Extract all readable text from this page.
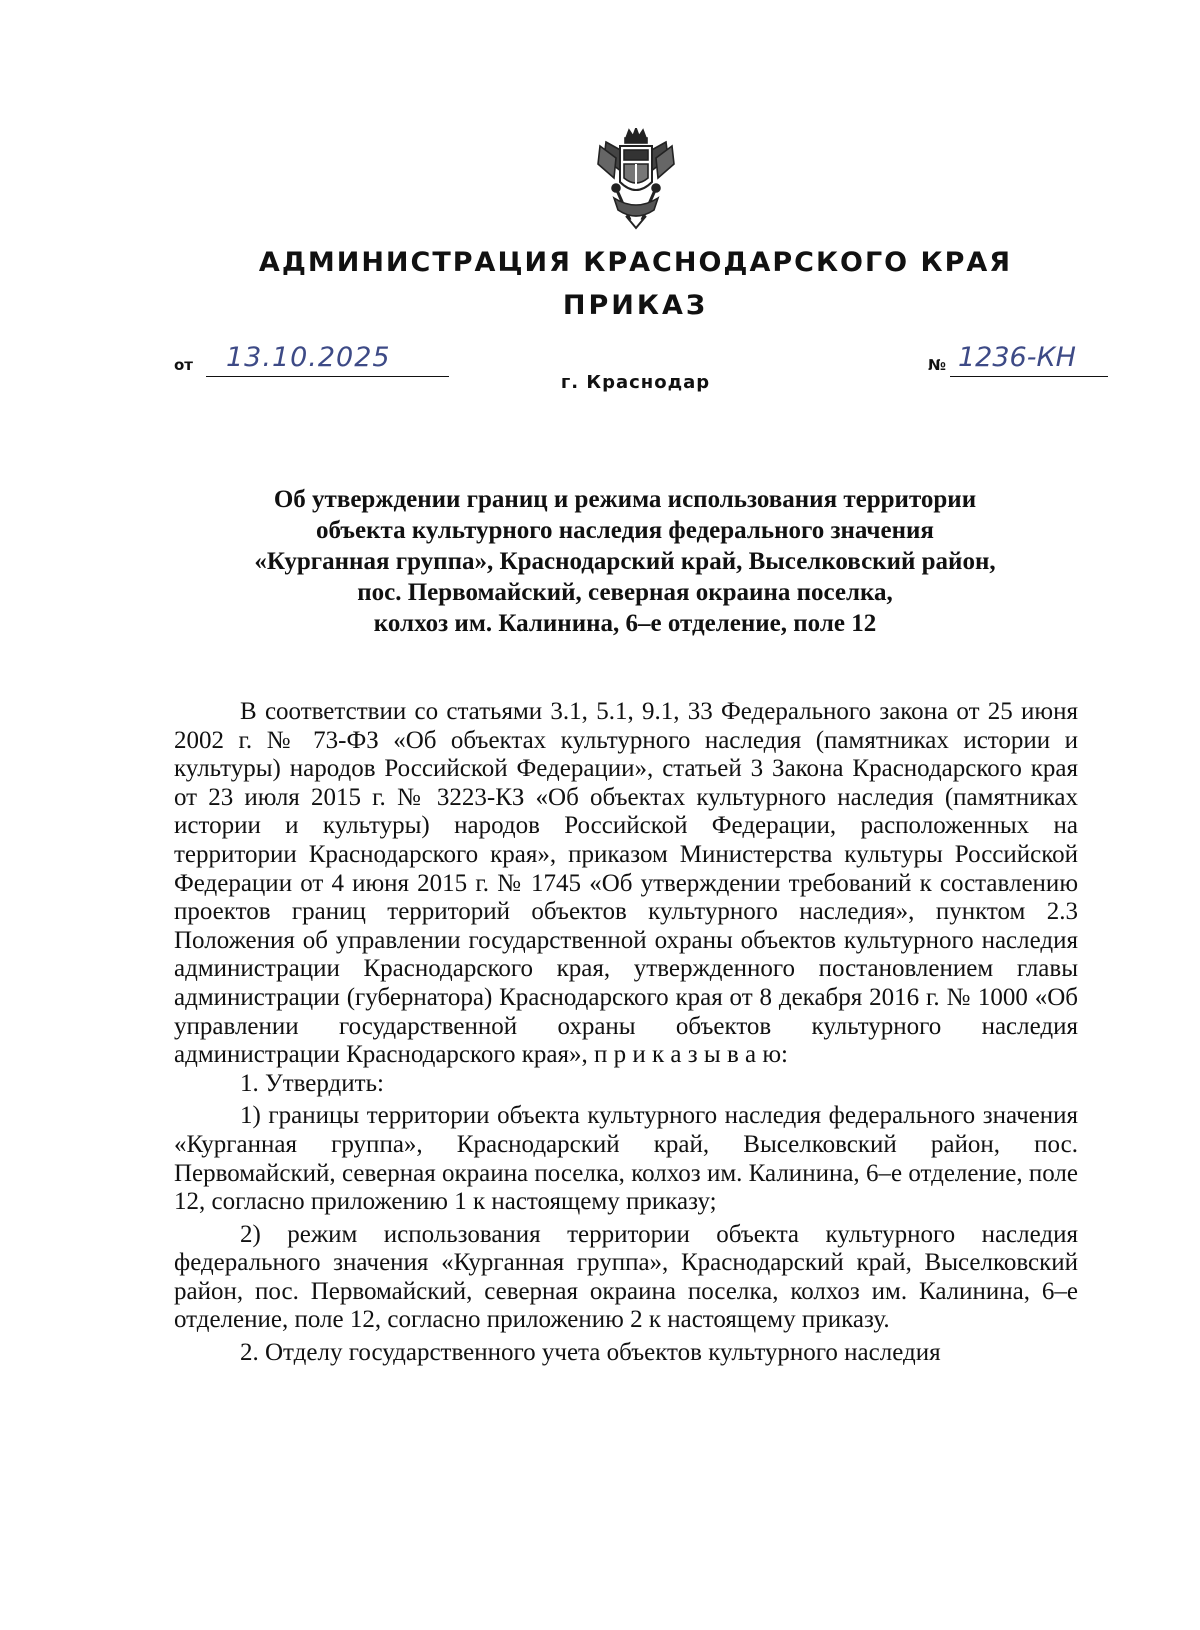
АДМИНИСТРАЦИЯ КРАСНОДАРСКОГО КРАЯ
ПРИКАЗ
от 13.10.2025	№ 1236-КН
г. Краснодар
Об утверждении границ и режима использования территории
объекта культурного наследия федерального значения
«Курганная группа», Краснодарский край, Выселковский район,
пос. Первомайский, северная окраина поселка,
колхоз им. Калинина, 6–е отделение, поле 12

В соответствии со статьями 3.1, 5.1, 9.1, 33 Федерального закона от 25 июня 2002 г. № 73-ФЗ «Об объектах культурного наследия (памятниках истории и культуры) народов Российской Федерации», статьей 3 Закона Краснодарского края от 23 июля 2015 г. № 3223-КЗ «Об объектах культурного наследия (памятниках истории и культуры) народов Российской Федерации, расположенных на территории Краснодарского края», приказом Министерства культуры Российской Федерации от 4 июня 2015 г. № 1745 «Об утверждении требований к составлению проектов границ территорий объектов культурного наследия», пунктом 2.3 Положения об управлении государственной охраны объектов культурного наследия администрации Краснодарского края, утвержденного постановлением главы администрации (губернатора) Краснодарского края от 8 декабря 2016 г. № 1000 «Об управлении государственной охраны объектов культурного наследия администрации Краснодарского края», п р и к а з ы в а ю:

1. Утвердить:

1) границы территории объекта культурного наследия федерального значения «Курганная группа», Краснодарский край, Выселковский район, пос. Первомайский, северная окраина поселка, колхоз им. Калинина, 6–е отделение, поле 12, согласно приложению 1 к настоящему приказу;

2) режим использования территории объекта культурного наследия федерального значения «Курганная группа», Краснодарский край, Выселковский район, пос. Первомайский, северная окраина поселка, колхоз им. Калинина, 6–е отделение, поле 12, согласно приложению 2 к настоящему приказу.

2. Отделу государственного учета объектов культурного наследия
